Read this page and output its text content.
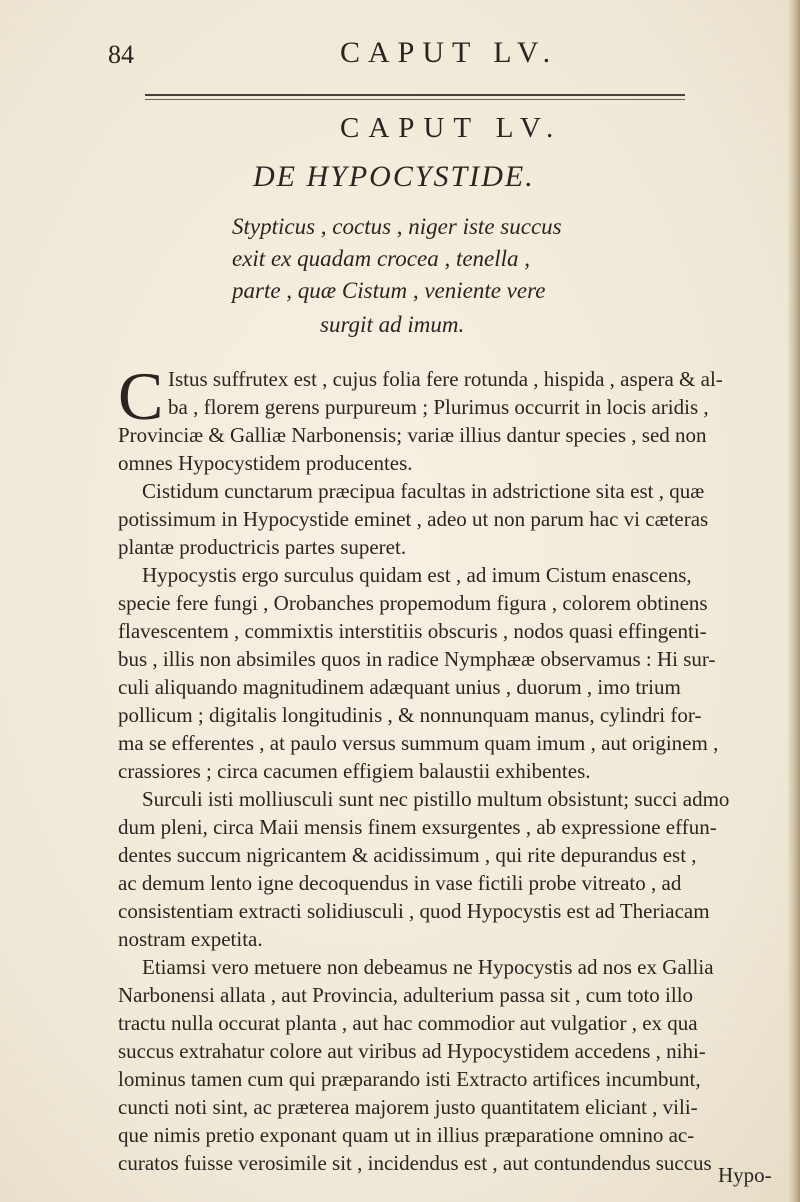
84	CAPUT LV.
CAPUT LV.
DE HYPOCYSTIDE.
Stypticus , coctus , niger iste succus
exit ex quadam crocea , tenella ,
parte , quæ Cistum , veniente vere
surgit ad imum.
C Istus suffrutex est , cujus folia fere rotunda , hispida , aspera & al-
ba , florem gerens purpureum ; Plurimus occurrit in locis aridis ,
Provinciæ & Galliæ Narbonensis; variæ illius dantur species , sed non
omnes Hypocystidem producentes.
Cistidum cunctarum præcipua facultas in adstrictione sita est , quæ
potissimum in Hypocystide eminet , adeo ut non parum hac vi cæteras
plantæ productricis partes superet.
Hypocystis ergo surculus quidam est , ad imum Cistum enascens,
specie fere fungi , Orobanches propemodum figura , colorem obtinens
flavescentem , commixtis interstitiis obscuris , nodos quasi effingenti-
bus , illis non absimiles quos in radice Nymphææ observamus : Hi sur-
culi aliquando magnitudinem adæquant unius , duorum , imo trium
pollicum ; digitalis longitudinis , & nonnunquam manus, cylindri for-
ma se efferentes , at paulo versus summum quam imum , aut originem ,
crassiores ; circa cacumen effigiem balaustii exhibentes.
Surculi isti molliusculi sunt nec pistillo multum obsistunt; succi admo
dum pleni, circa Maii mensis finem exsurgentes , ab expressione effun-
dentes succum nigricantem & acidissimum , qui rite depurandus est ,
ac demum lento igne decoquendus in vase fictili probe vitreato , ad
consistentiam extracti solidiusculi , quod Hypocystis est ad Theriacam
nostram expetita.
Etiamsi vero metuere non debeamus ne Hypocystis ad nos ex Gallia
Narbonensi allata , aut Provincia, adulterium passa sit , cum toto illo
tractu nulla occurat planta , aut hac commodior aut vulgatior , ex qua
succus extrahatur colore aut viribus ad Hypocystidem accedens , nihi-
lominus tamen cum qui præparando isti Extracto artifices incumbunt,
cuncti noti sint, ac præterea majorem justo quantitatem eliciant , vili-
que nimis pretio exponant quam ut in illius præparatione omnino ac-
curatos fuisse verosimile sit , incidendus est , aut contundendus succus Hypo-
